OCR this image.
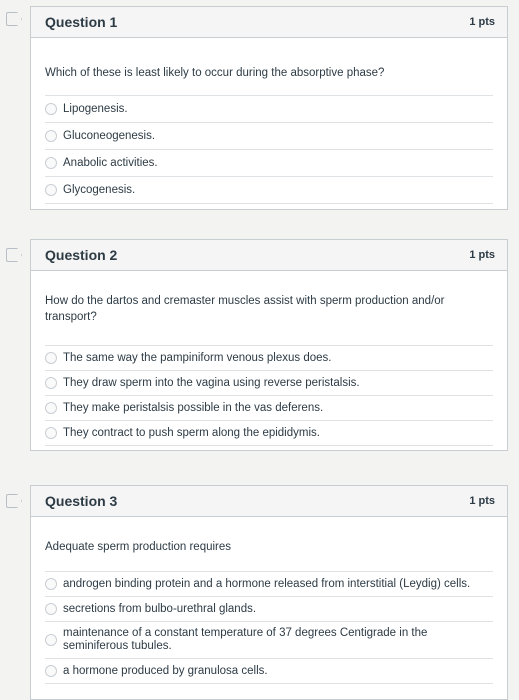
Question 1	1 pts
Which of these is least likely to occur during the absorptive phase?
Lipogenesis.
Gluconeogenesis.
Anabolic activities.
Glycogenesis.
Question 2	1 pts
How do the dartos and cremaster muscles assist with sperm production and/or transport?
The same way the pampiniform venous plexus does.
They draw sperm into the vagina using reverse peristalsis.
They make peristalsis possible in the vas deferens.
They contract to push sperm along the epididymis.
Question 3	1 pts
Adequate sperm production requires
androgen binding protein and a hormone released from interstitial (Leydig) cells.
secretions from bulbo-urethral glands.
maintenance of a constant temperature of 37 degrees Centigrade in the seminiferous tubules.
a hormone produced by granulosa cells.
